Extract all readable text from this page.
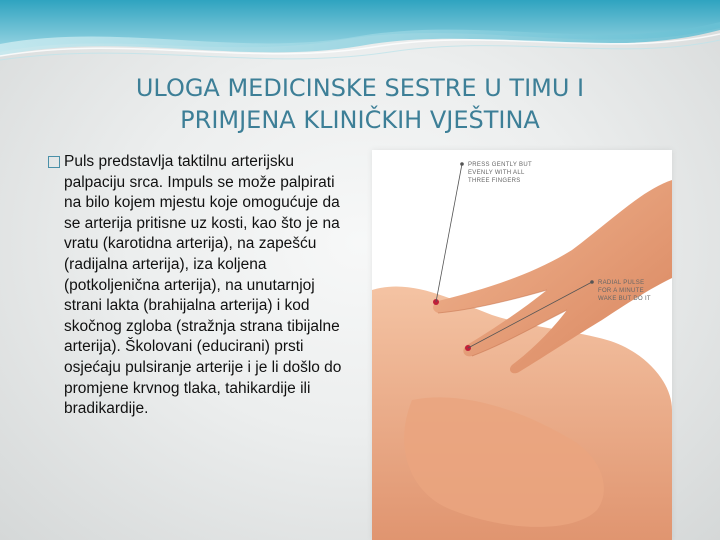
ULOGA MEDICINSKE SESTRE U TIMU I
PRIMJENA KLINIČKIH VJEŠTINA

Puls predstavlja taktilnu arterijsku palpaciju srca. Impuls se može palpirati na bilo kojem mjestu koje omogućuje da se arterija pritisne uz kosti, kao što je na vratu (karotidna arterija), na zapešću (radijalna arterija), iza koljena (potkoljenična arterija), na unutarnjoj strani lakta (brahijalna arterija) i kod skočnog zgloba (stražnja strana tibijalne arterija). Školovani (educirani) prsti osjećaju pulsiranje arterije i je li došlo do promjene krvnog tlaka, tahikardije ili bradikardije.

PRESS GENTLY BUT
EVENLY WITH ALL
THREE FINGERS
RADIAL PULSE
FOR A MINUTE
WAKE BUT DO IT
